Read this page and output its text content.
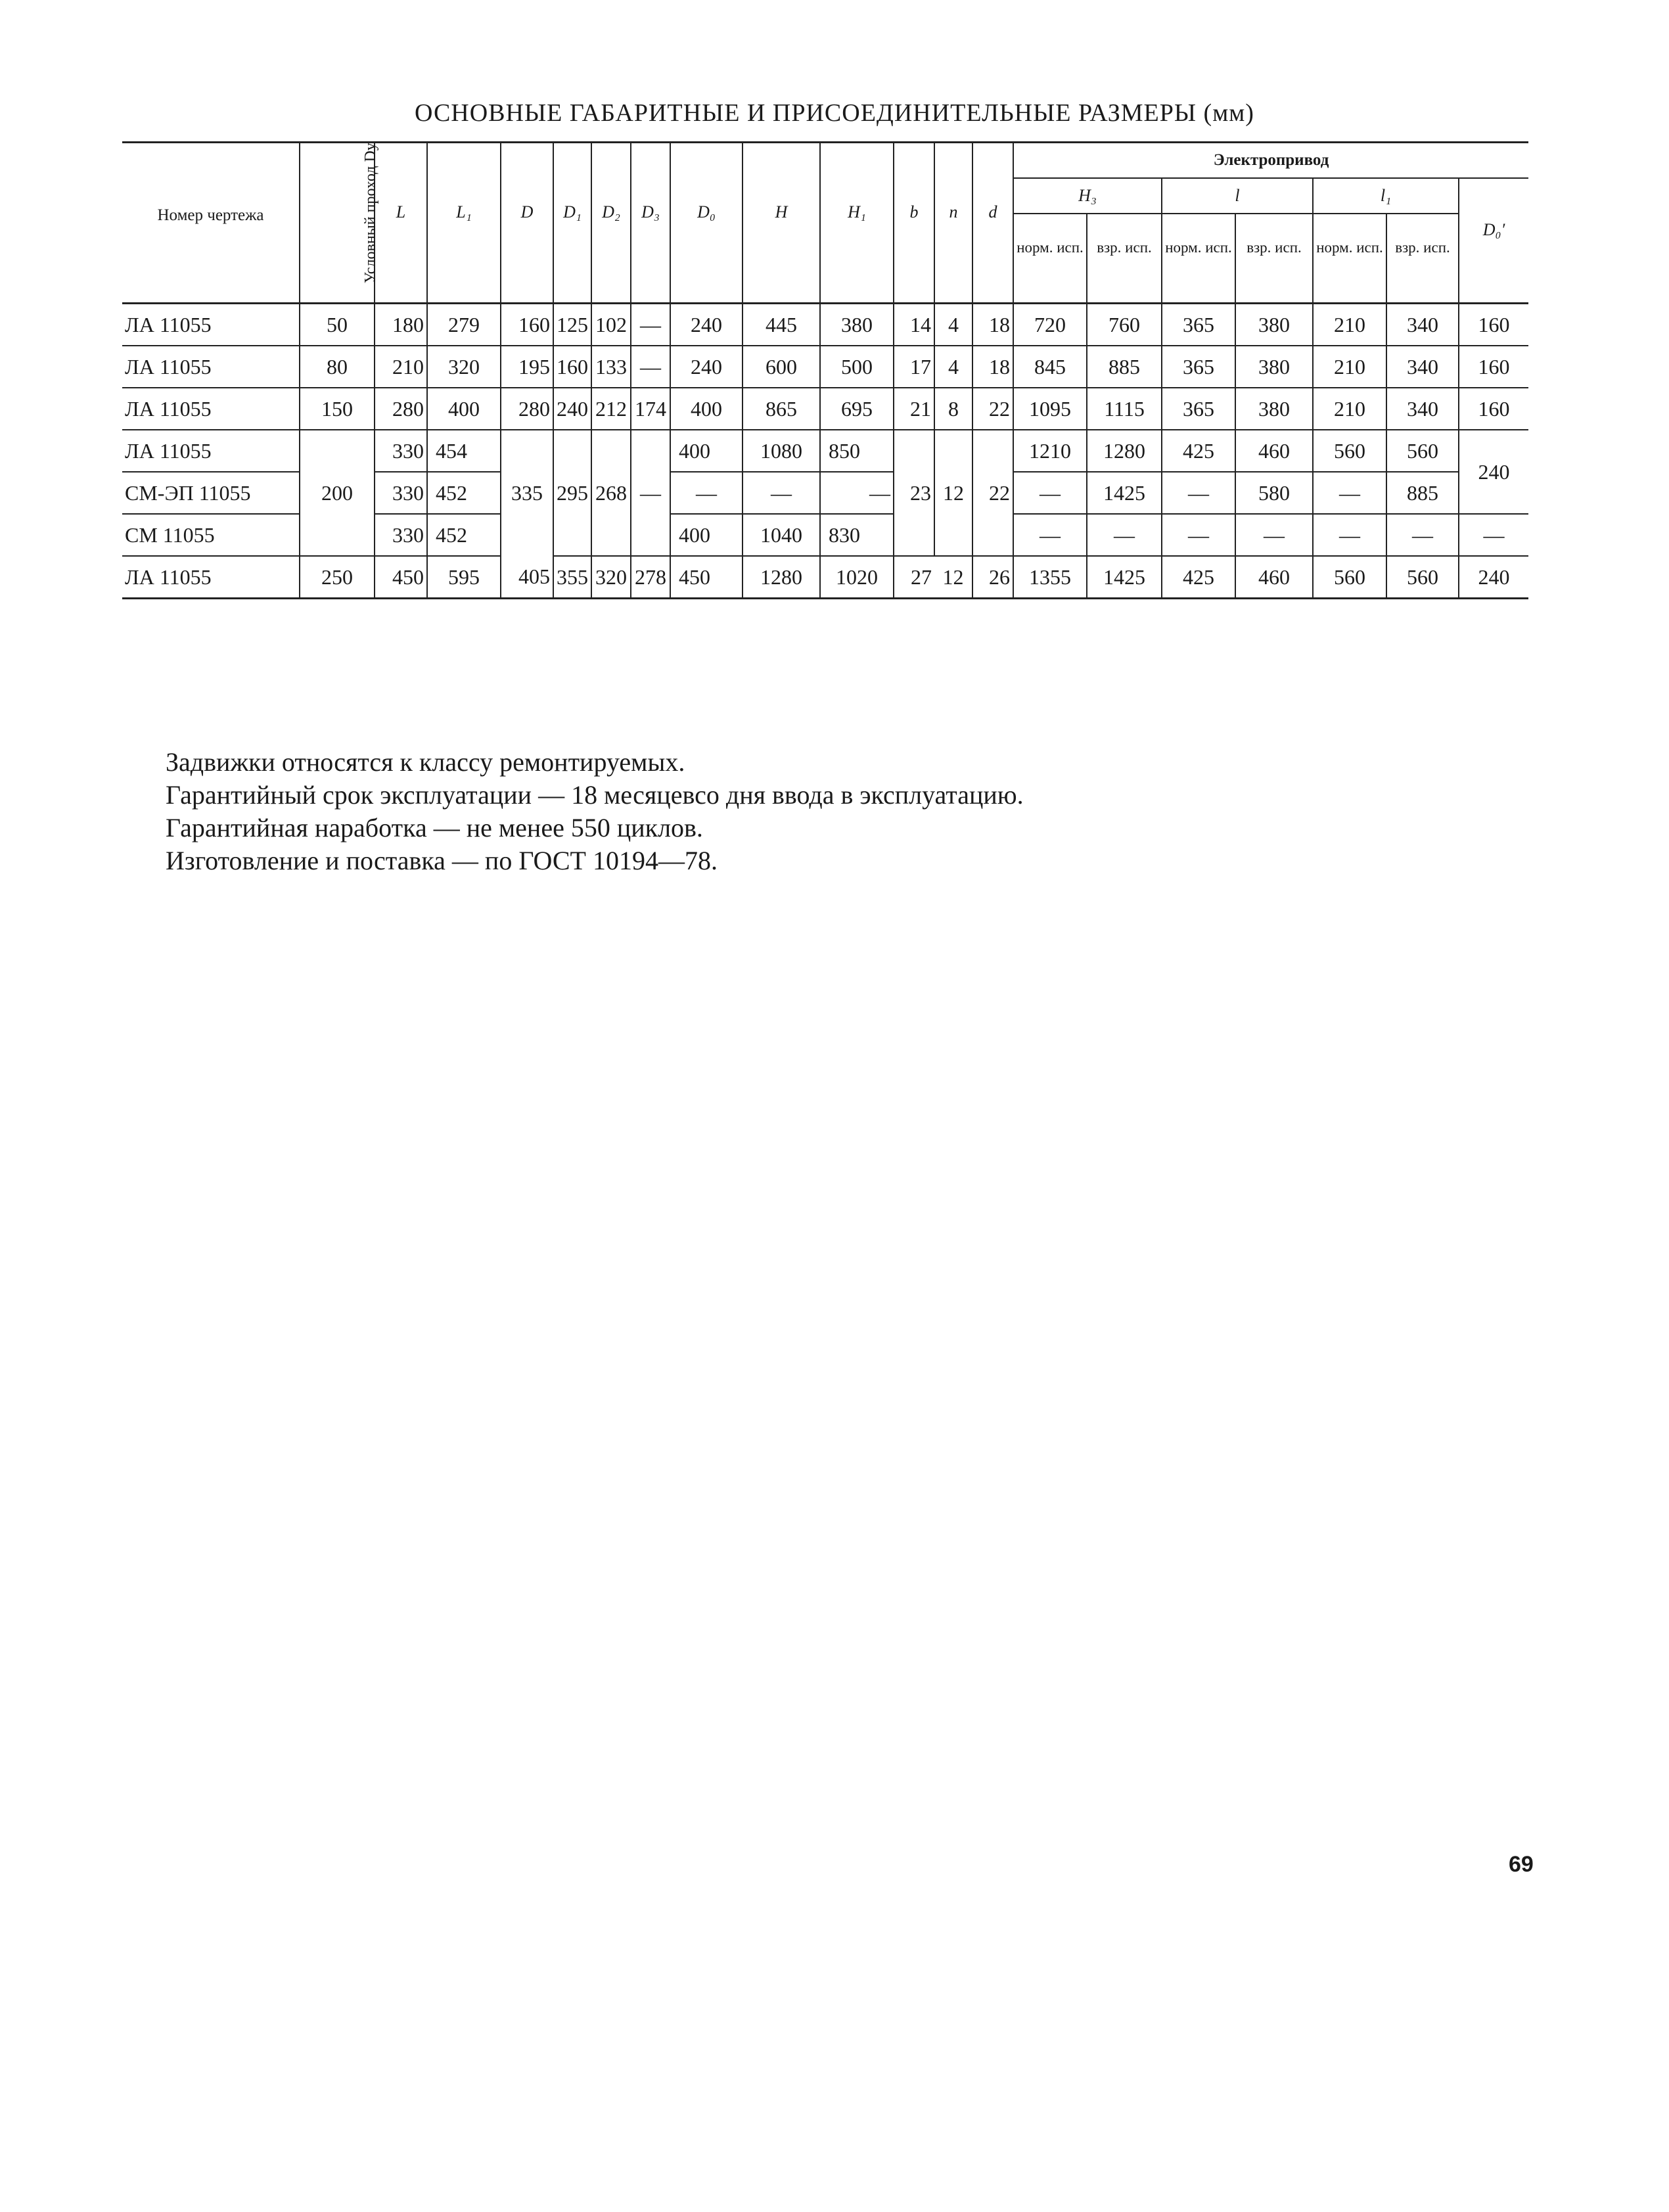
ОСНОВНЫЕ ГАБАРИТНЫЕ И ПРИСОЕДИНИТЕЛЬНЫЕ РАЗМЕРЫ (мм)
Номер чертежа	Условный проход Dy	L	L₁	D	D₁	D₂	D₃	D₀	H	H₁	b	n	d	Электропривод						
														H₃		l		l₁		D₀′
														норм. исп.	взр. исп.	норм. исп.	взр. исп.	норм. исп.	взр. исп.	

ЛА 11055	50	180	279	160	125	102	—	240	445	380	14	4	18	720	760	365	380	210	340	160
ЛА 11055	80	210	320	195	160	133	—	240	600	500	17	4	18	845	885	365	380	210	340	160
ЛА 11055	150	280	400	280	240	212	174	400	865	695	21	8	22	1095	1115	365	380	210	340	160
ЛА 11055	200	330	454	335	295	268	—	400	1080	850	23	12	22	1210	1280	425	460	560	560	240
СМ-ЭП 11055		330	452					—	—	—				—	1425	—	580	—	885	
СМ 11055		330	452					400	1040	830				—	—	—	—	—	—	—
ЛА 11055	250	450	595	405	355	320	278	450	1280	1020	27	12	26	1355	1425	425	460	560	560	240
Задвижки относятся к классу ремонтируемых.
Гарантийный срок эксплуатации — 18 месяцевсо дня ввода в эксплуатацию.
Гарантийная наработка — не менее 550 циклов.
Изготовление и поставка — по ГОСТ 10194—78.
69
